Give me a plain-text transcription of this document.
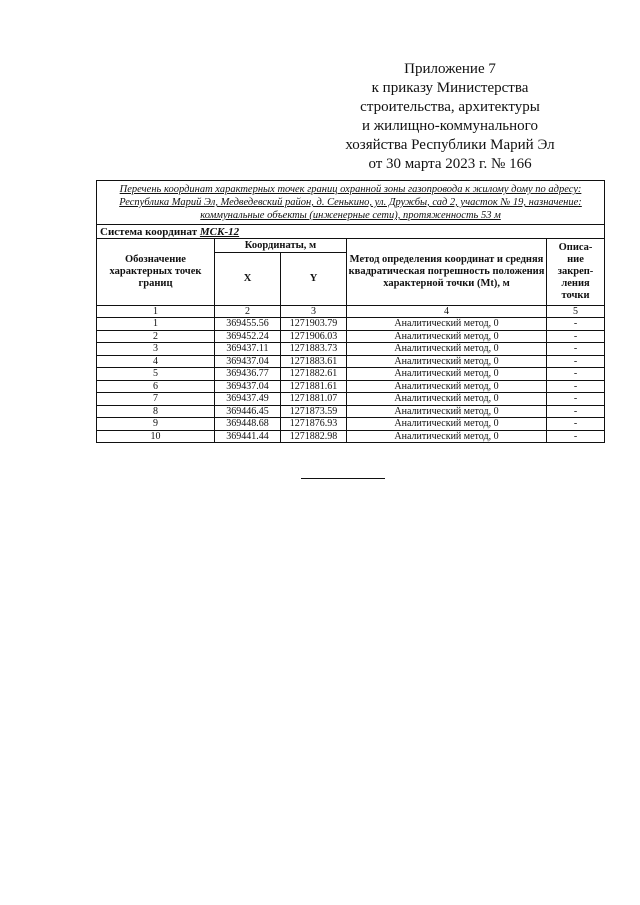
Приложение 7
к приказу Министерства
строительства, архитектуры
и жилищно-коммунального
хозяйства Республики Марий Эл
от 30 марта 2023 г. № 166
Перечень координат характерных точек границ охранной зоны газопровода к жилому дому по адресу: Республика Марий Эл, Медведевский район, д. Сенькино, ул. Дружбы, сад 2, участок № 19, назначение: коммунальные объекты (инженерные сети), протяженность 53 м				
Система координат МСК-12				
Обозначение характерных точек границ	Координаты, м		Метод определения координат и средняя квадратическая погрешность положения характерной точки (Mt), м	Описа-
ние
закреп-
ления
точки
	X	Y		
1	2	3	4	5
1	369455.56	1271903.79	Аналитический метод, 0	-
2	369452.24	1271906.03	Аналитический метод, 0	-
3	369437.11	1271883.73	Аналитический метод, 0	-
4	369437.04	1271883.61	Аналитический метод, 0	-
5	369436.77	1271882.61	Аналитический метод, 0	-
6	369437.04	1271881.61	Аналитический метод, 0	-
7	369437.49	1271881.07	Аналитический метод, 0	-
8	369446.45	1271873.59	Аналитический метод, 0	-
9	369448.68	1271876.93	Аналитический метод, 0	-
10	369441.44	1271882.98	Аналитический метод, 0	-
